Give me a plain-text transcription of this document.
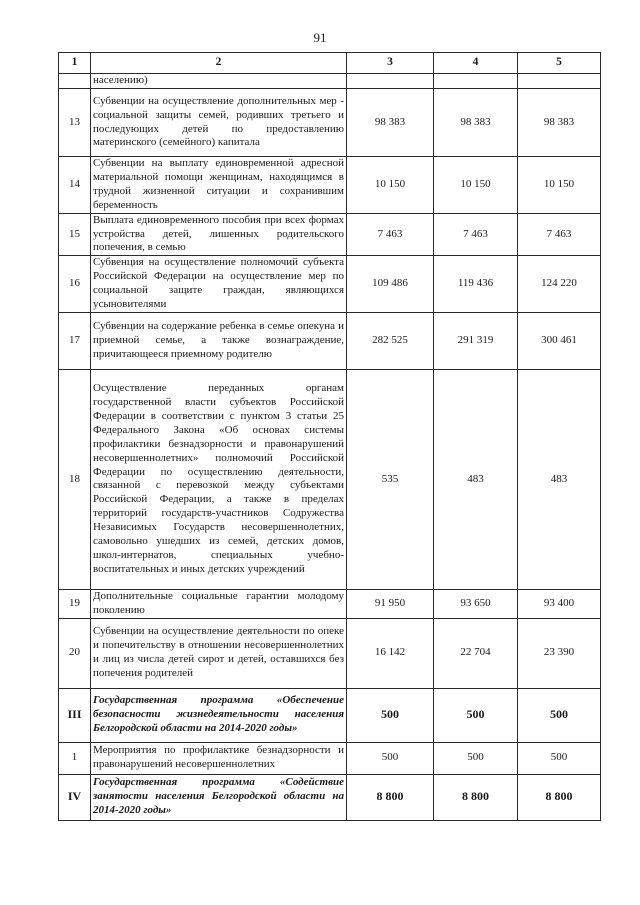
91
1	2	3	4	5
	населению)			
13	Субвенции на осуществление дополнительных мер - социальной защиты семей, родивших третьего и последующих детей по предоставлению материнского (семейного) капитала	98 383	98 383	98 383
14	Субвенции на выплату единовременной адресной материальной помощи женщинам, находящимся в трудной жизненной ситуации и сохранившим беременность	10 150	10 150	10 150
15	Выплата единовременного пособия при всех формах устройства детей, лишенных родительского попечения, в семью	7 463	7 463	7 463
16	Субвенция на осуществление полномочий субъекта Российской Федерации на осуществление мер по социальной защите граждан, являющихся усыновителями	109 486	119 436	124 220
17	Субвенции на содержание ребенка в семье опекуна и приемной семье, а также вознаграждение, причитающееся приемному родителю	282 525	291 319	300 461
18	Осуществление переданных органам государственной власти субъектов Российской Федерации в соответствии с пунктом 3 статьи 25 Федерального Закона «Об основах системы профилактики безнадзорности и правонарушений несовершеннолетних» полномочий Российской Федерации по осуществлению деятельности, связанной с перевозкой между субъектами Российской Федерации, а также в пределах территорий государств-участников Содружества Независимых Государств несовершеннолетних, самовольно ушедших из семей, детских домов, школ-интернатов, специальных учебно-воспитательных и иных детских учреждений	535	483	483
19	Дополнительные социальные гарантии молодому поколению	91 950	93 650	93 400
20	Субвенции на осуществление деятельности по опеке и попечительству в отношении несовершеннолетних и лиц из числа детей сирот и детей, оставшихся без попечения родителей	16 142	22 704	23 390
III	Государственная программа «Обеспечение безопасности жизнедеятельности населения Белгородской области на 2014-2020 годы»	500	500	500
1	Мероприятия по профилактике безнадзорности и правонарушений несовершеннолетних	500	500	500
IV	Государственная программа «Содействие занятости населения Белгородской области на 2014-2020 годы»	8 800	8 800	8 800
